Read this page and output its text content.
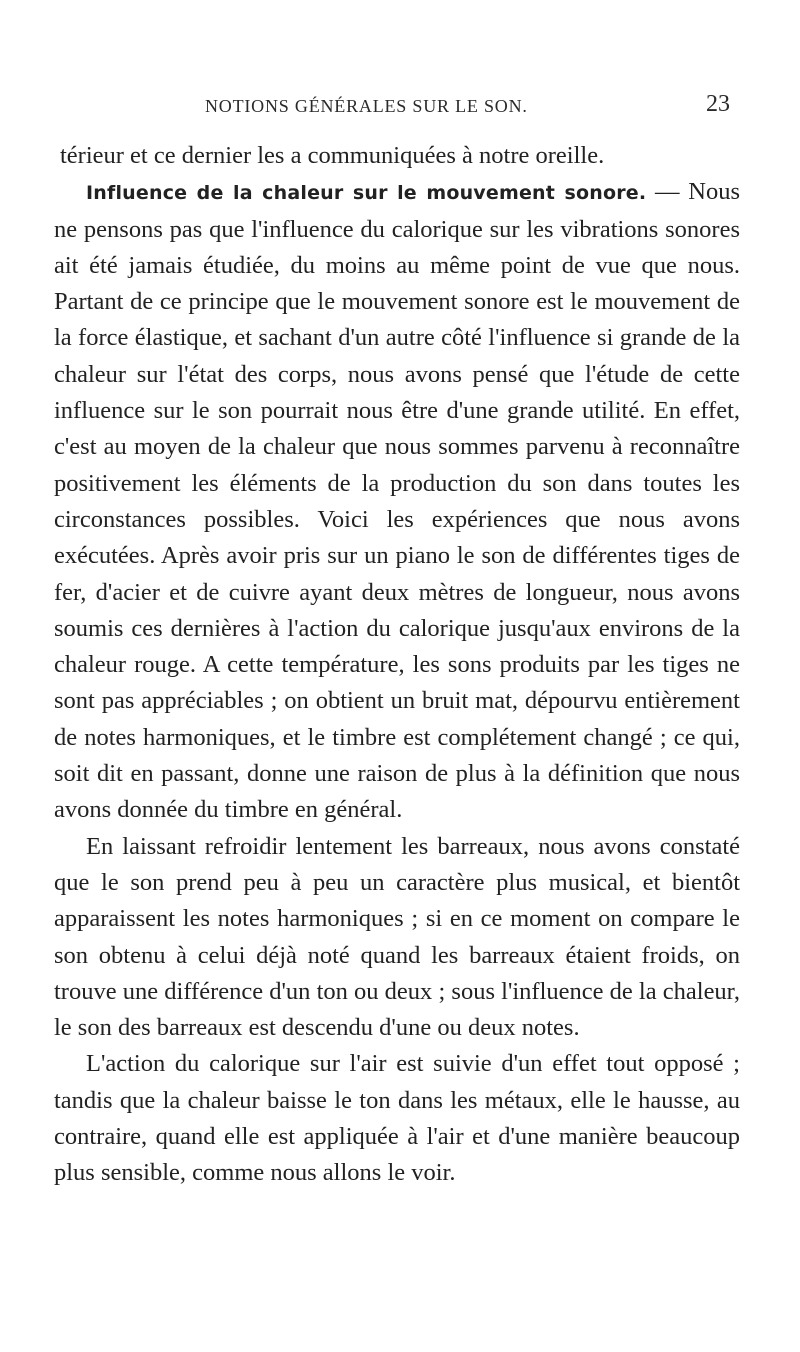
NOTIONS GÉNÉRALES SUR LE SON.	23

térieur et ce dernier les a communiquées à notre oreille.

Influence de la chaleur sur le mouvement sonore. — Nous ne pensons pas que l'influence du calorique sur les vibrations sonores ait été jamais étudiée, du moins au même point de vue que nous. Partant de ce principe que le mouvement sonore est le mouvement de la force élastique, et sachant d'un autre côté l'influence si grande de la chaleur sur l'état des corps, nous avons pensé que l'étude de cette influence sur le son pourrait nous être d'une grande utilité. En effet, c'est au moyen de la chaleur que nous sommes parvenu à reconnaître positivement les éléments de la production du son dans toutes les circonstances possibles. Voici les expériences que nous avons exécutées. Après avoir pris sur un piano le son de différentes tiges de fer, d'acier et de cuivre ayant deux mètres de longueur, nous avons soumis ces dernières à l'action du calorique jusqu'aux environs de la chaleur rouge. A cette température, les sons produits par les tiges ne sont pas appréciables ; on obtient un bruit mat, dépourvu entièrement de notes harmoniques, et le timbre est complétement changé ; ce qui, soit dit en passant, donne une raison de plus à la définition que nous avons donnée du timbre en général.

En laissant refroidir lentement les barreaux, nous avons constaté que le son prend peu à peu un caractère plus musical, et bientôt apparaissent les notes harmoniques ; si en ce moment on compare le son obtenu à celui déjà noté quand les barreaux étaient froids, on trouve une différence d'un ton ou deux ; sous l'influence de la chaleur, le son des barreaux est descendu d'une ou deux notes.

L'action du calorique sur l'air est suivie d'un effet tout opposé ; tandis que la chaleur baisse le ton dans les métaux, elle le hausse, au contraire, quand elle est appliquée à l'air et d'une manière beaucoup plus sensible, comme nous allons le voir.
